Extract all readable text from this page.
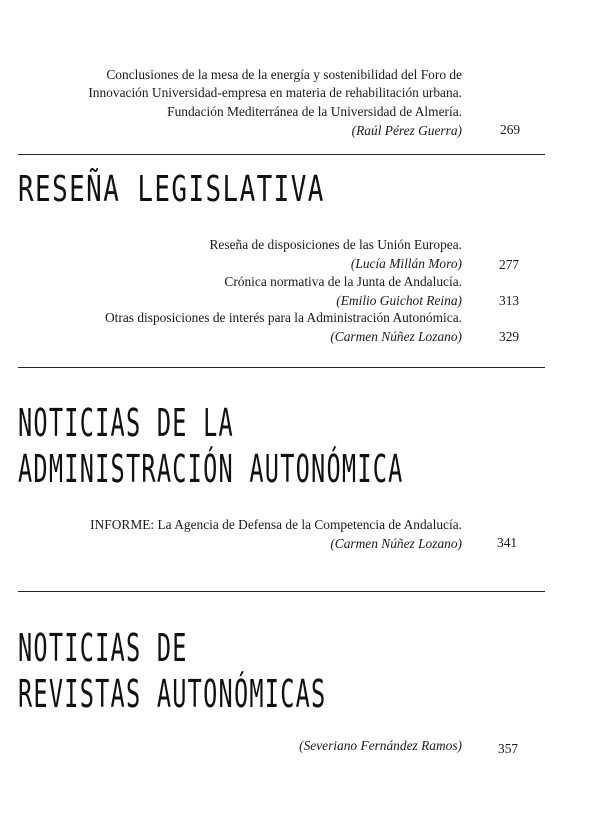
Conclusiones de la mesa de la energía y sostenibilidad del Foro de
Innovación Universidad-empresa en materia de rehabilitación urbana.
Fundación Mediterránea de la Universidad de Almería.
(Raúl Pérez Guerra)	269
RESEÑA LEGISLATIVA
Reseña de disposiciones de las Unión Europea.
(Lucía Millán Moro)	277
Crónica normativa de la Junta de Andalucía.
(Emilio Guichot Reina)	313
Otras disposiciones de interés para la Administración Autonómica.
(Carmen Núñez Lozano)	329
NOTICIAS DE LA
ADMINISTRACIÓN AUTONÓMICA
INFORME: La Agencia de Defensa de la Competencia de Andalucía.
(Carmen Núñez Lozano)	341
NOTICIAS DE
REVISTAS AUTONÓMICAS
(Severiano Fernández Ramos)	357
